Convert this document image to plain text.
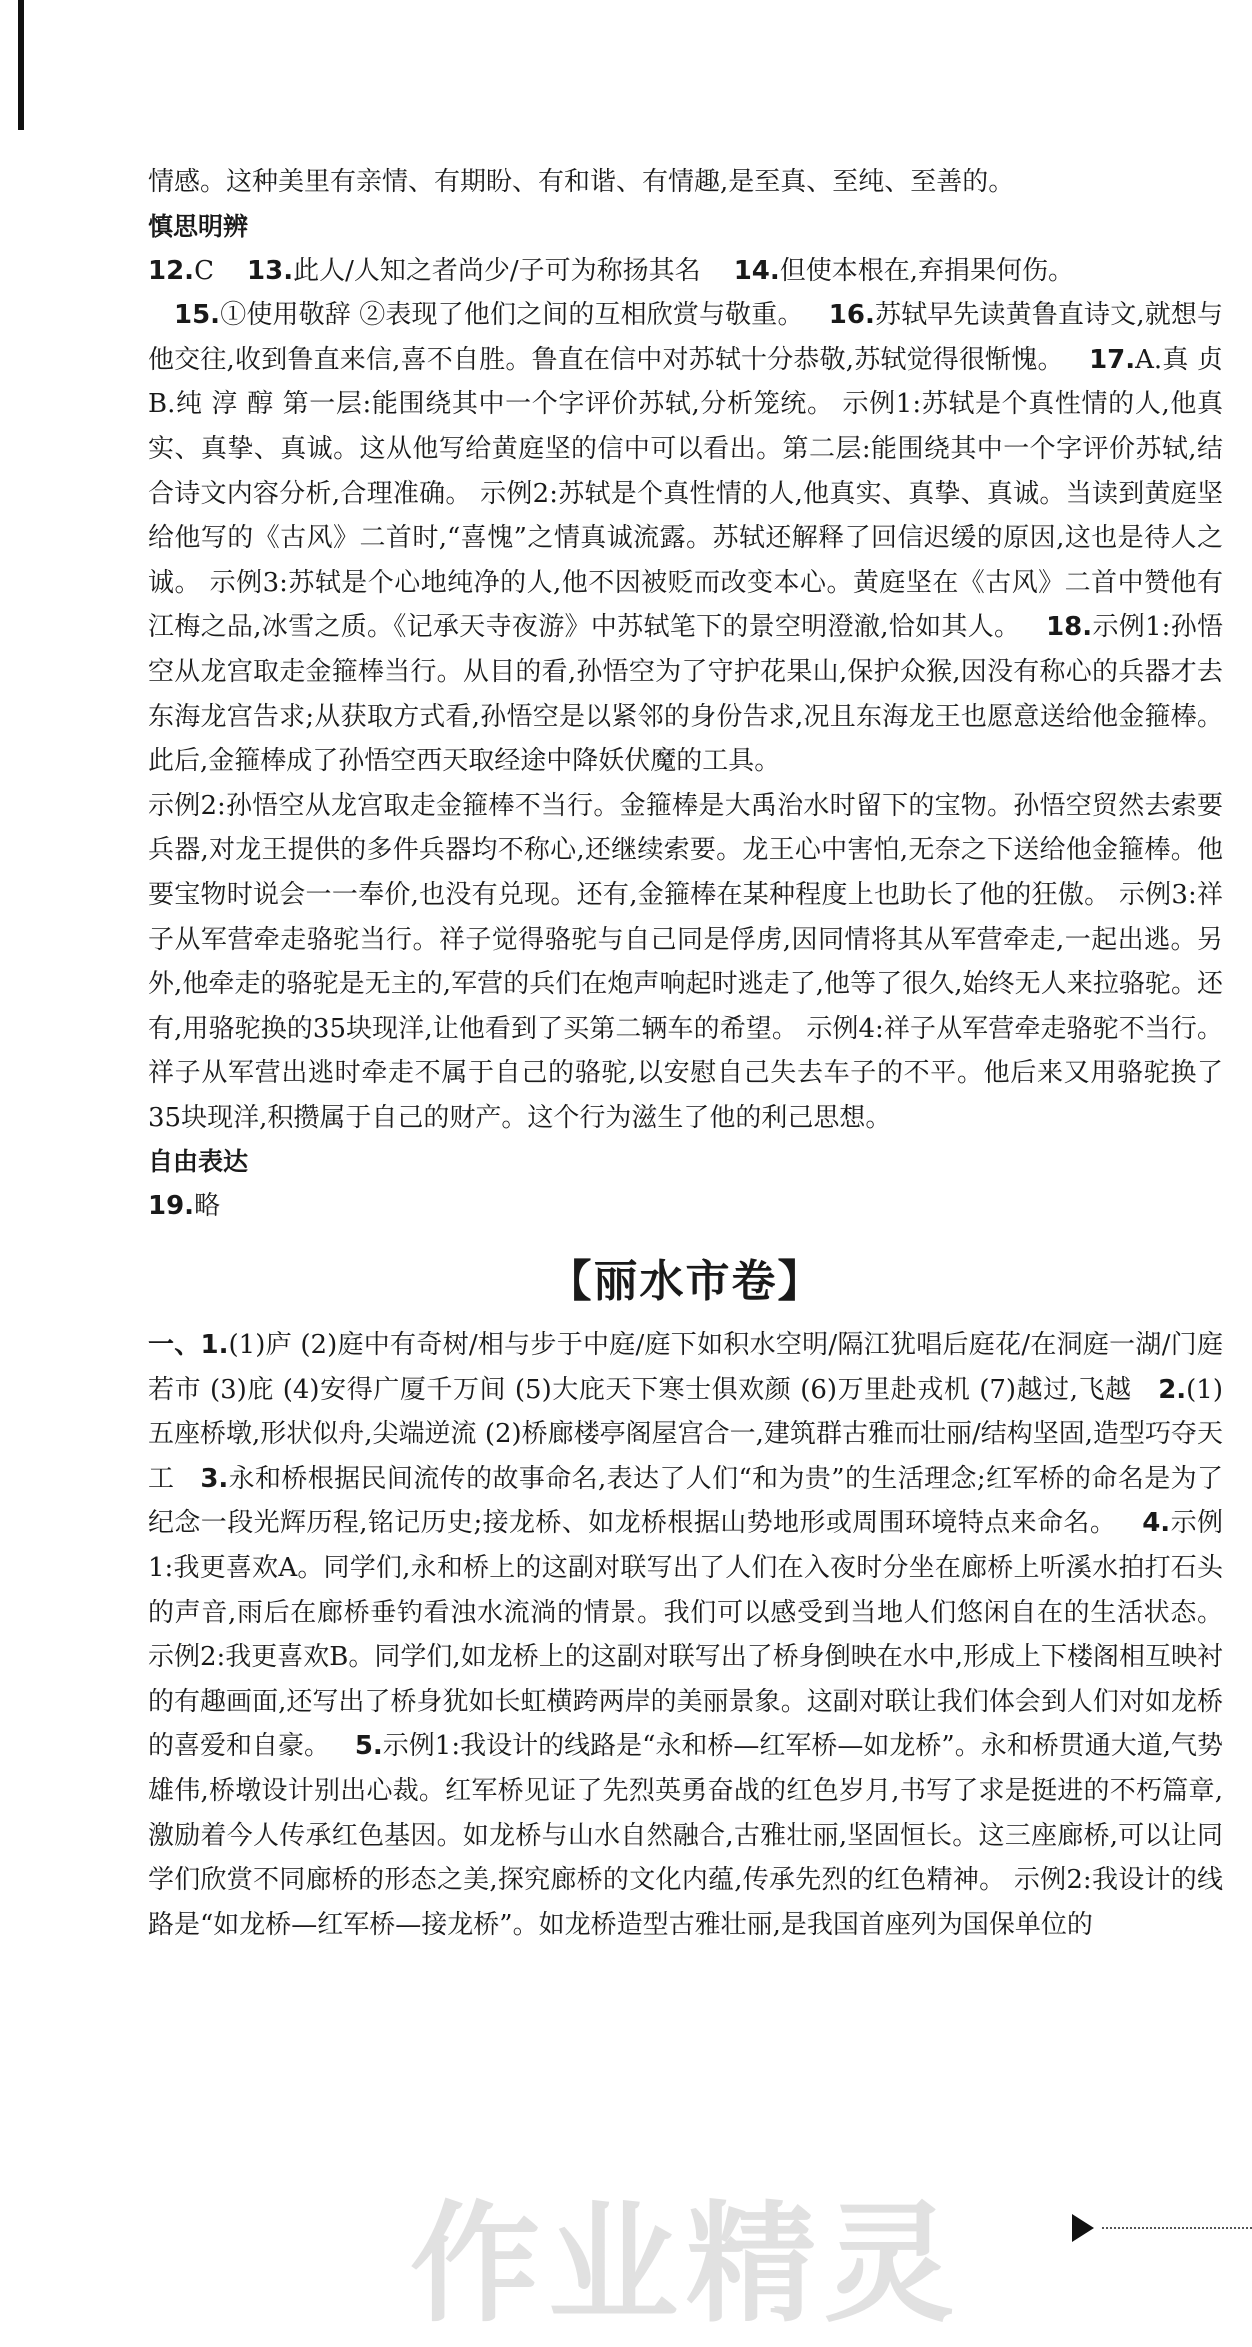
情感。这种美里有亲情、有期盼、有和谐、有情趣,是至真、至纯、至善的。

慎思明辨

12.C 13.此人/人知之者尚少/子可为称扬其名 14.但使本根在,弃捐果何伤。

15.①使用敬辞 ②表现了他们之间的互相欣赏与敬重。 16.苏轼早先读黄鲁直诗文,就想与他交往,收到鲁直来信,喜不自胜。鲁直在信中对苏轼十分恭敬,苏轼觉得很惭愧。 17.A.真 贞 B.纯 淳 醇 第一层:能围绕其中一个字评价苏轼,分析笼统。 示例1:苏轼是个真性情的人,他真实、真挚、真诚。这从他写给黄庭坚的信中可以看出。第二层:能围绕其中一个字评价苏轼,结合诗文内容分析,合理准确。 示例2:苏轼是个真性情的人,他真实、真挚、真诚。当读到黄庭坚给他写的《古风》二首时,“喜愧”之情真诚流露。苏轼还解释了回信迟缓的原因,这也是待人之诚。 示例3:苏轼是个心地纯净的人,他不因被贬而改变本心。黄庭坚在《古风》二首中赞他有江梅之品,冰雪之质。《记承天寺夜游》中苏轼笔下的景空明澄澈,恰如其人。 18.示例1:孙悟空从龙宫取走金箍棒当行。从目的看,孙悟空为了守护花果山,保护众猴,因没有称心的兵器才去东海龙宫告求;从获取方式看,孙悟空是以紧邻的身份告求,况且东海龙王也愿意送给他金箍棒。此后,金箍棒成了孙悟空西天取经途中降妖伏魔的工具。

示例2:孙悟空从龙宫取走金箍棒不当行。金箍棒是大禹治水时留下的宝物。孙悟空贸然去索要兵器,对龙王提供的多件兵器均不称心,还继续索要。龙王心中害怕,无奈之下送给他金箍棒。他要宝物时说会一一奉价,也没有兑现。还有,金箍棒在某种程度上也助长了他的狂傲。 示例3:祥子从军营牵走骆驼当行。祥子觉得骆驼与自己同是俘虏,因同情将其从军营牵走,一起出逃。另外,他牵走的骆驼是无主的,军营的兵们在炮声响起时逃走了,他等了很久,始终无人来拉骆驼。还有,用骆驼换的35块现洋,让他看到了买第二辆车的希望。 示例4:祥子从军营牵走骆驼不当行。祥子从军营出逃时牵走不属于自己的骆驼,以安慰自己失去车子的不平。他后来又用骆驼换了35块现洋,积攒属于自己的财产。这个行为滋生了他的利己思想。

自由表达

19.略

【丽水市卷】

一、1.(1)庐 (2)庭中有奇树/相与步于中庭/庭下如积水空明/隔江犹唱后庭花/在洞庭一湖/门庭若市 (3)庇 (4)安得广厦千万间 (5)大庇天下寒士俱欢颜 (6)万里赴戎机 (7)越过,飞越 2.(1)五座桥墩,形状似舟,尖端逆流 (2)桥廊楼亭阁屋宫合一,建筑群古雅而壮丽/结构坚固,造型巧夺天工 3.永和桥根据民间流传的故事命名,表达了人们“和为贵”的生活理念;红军桥的命名是为了纪念一段光辉历程,铭记历史;接龙桥、如龙桥根据山势地形或周围环境特点来命名。 4.示例1:我更喜欢A。同学们,永和桥上的这副对联写出了人们在入夜时分坐在廊桥上听溪水拍打石头的声音,雨后在廊桥垂钓看浊水流淌的情景。我们可以感受到当地人们悠闲自在的生活状态。 示例2:我更喜欢B。同学们,如龙桥上的这副对联写出了桥身倒映在水中,形成上下楼阁相互映衬的有趣画面,还写出了桥身犹如长虹横跨两岸的美丽景象。这副对联让我们体会到人们对如龙桥的喜爱和自豪。 5.示例1:我设计的线路是“永和桥—红军桥—如龙桥”。永和桥贯通大道,气势雄伟,桥墩设计别出心裁。红军桥见证了先烈英勇奋战的红色岁月,书写了求是挺进的不朽篇章,激励着今人传承红色基因。如龙桥与山水自然融合,古雅壮丽,坚固恒长。这三座廊桥,可以让同学们欣赏不同廊桥的形态之美,探究廊桥的文化内蕴,传承先烈的红色精神。 示例2:我设计的线路是“如龙桥—红军桥—接龙桥”。如龙桥造型古雅壮丽,是我国首座列为国保单位的

作业精灵
